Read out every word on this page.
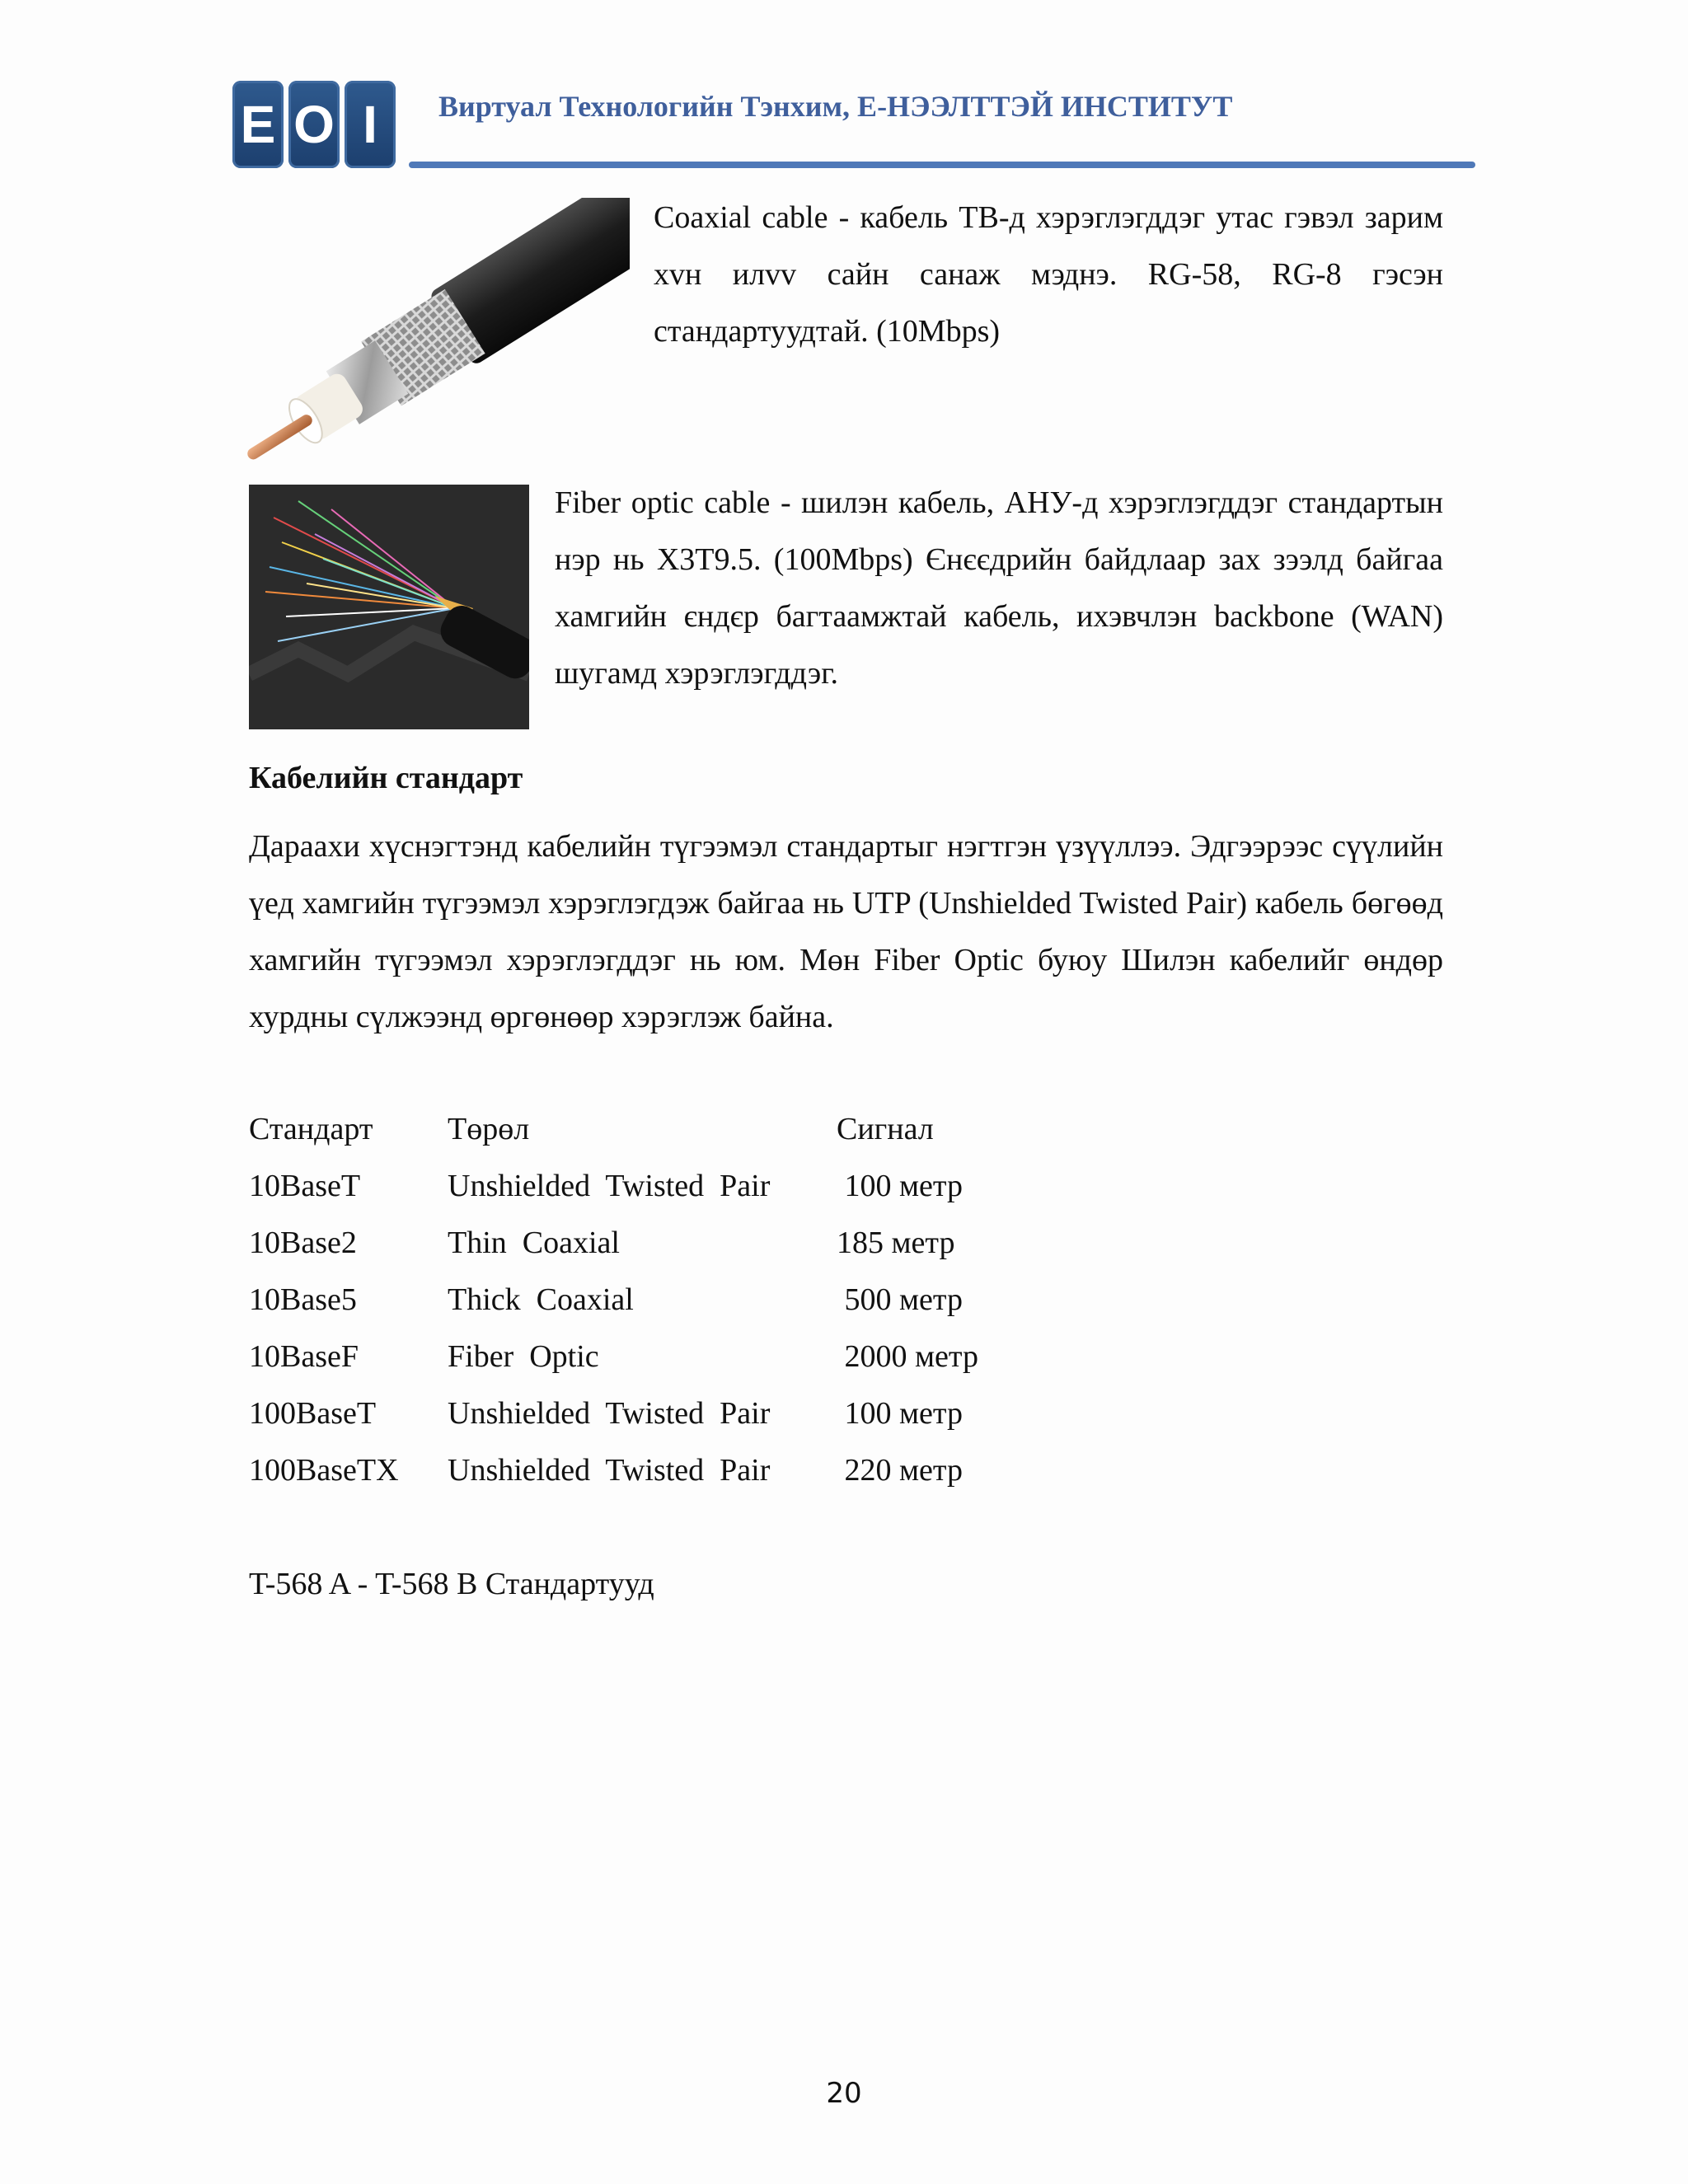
E O I	Виртуал Технологийн Тэнхим, Е-НЭЭЛТТЭЙ ИНСТИТУТ
Coaxial cable - кабель ТВ-д хэрэглэгддэг утас гэвэл зарим хvн илvv сайн санаж мэднэ. RG-58, RG-8 гэсэн стандартуудтай. (10Mbps)
Fiber optic cable - шилэн кабель, АНУ-д хэрэглэгддэг стандартын нэр нь X3T9.5. (100Mbps) Єнєєдрийн байдлаар зах зээлд байгаа хамгийн єндєр багтаамжтай кабель, ихэвчлэн backbone (WAN) шугамд хэрэглэгддэг.
Кабелийн стандарт
Дараахи хүснэгтэнд кабелийн түгээмэл стандартыг нэгтгэн үзүүллээ. Эдгээрээс сүүлийн үед хамгийн түгээмэл хэрэглэгдэж байгаа нь UTP (Unshielded Twisted Pair) кабель бөгөөд хамгийн түгээмэл хэрэглэгддэг нь юм. Мөн Fiber Optic буюу Шилэн кабелийг өндөр хурдны сүлжээнд өргөнөөр хэрэглэж байна.
Стандарт Төрөл	Сигнал
10BaseT	Unshielded  Twisted  Pair 100 метр
10Base2	Thin  Coaxial	185 метр
10Base5	Thick  Coaxial	500 метр
10BaseF	Fiber  Optic	2000 метр
100BaseT Unshielded  Twisted  Pair 100 метр
100BaseTX Unshielded  Twisted  Pair 220 метр
T-568 A - T-568 B Стандартууд
20
